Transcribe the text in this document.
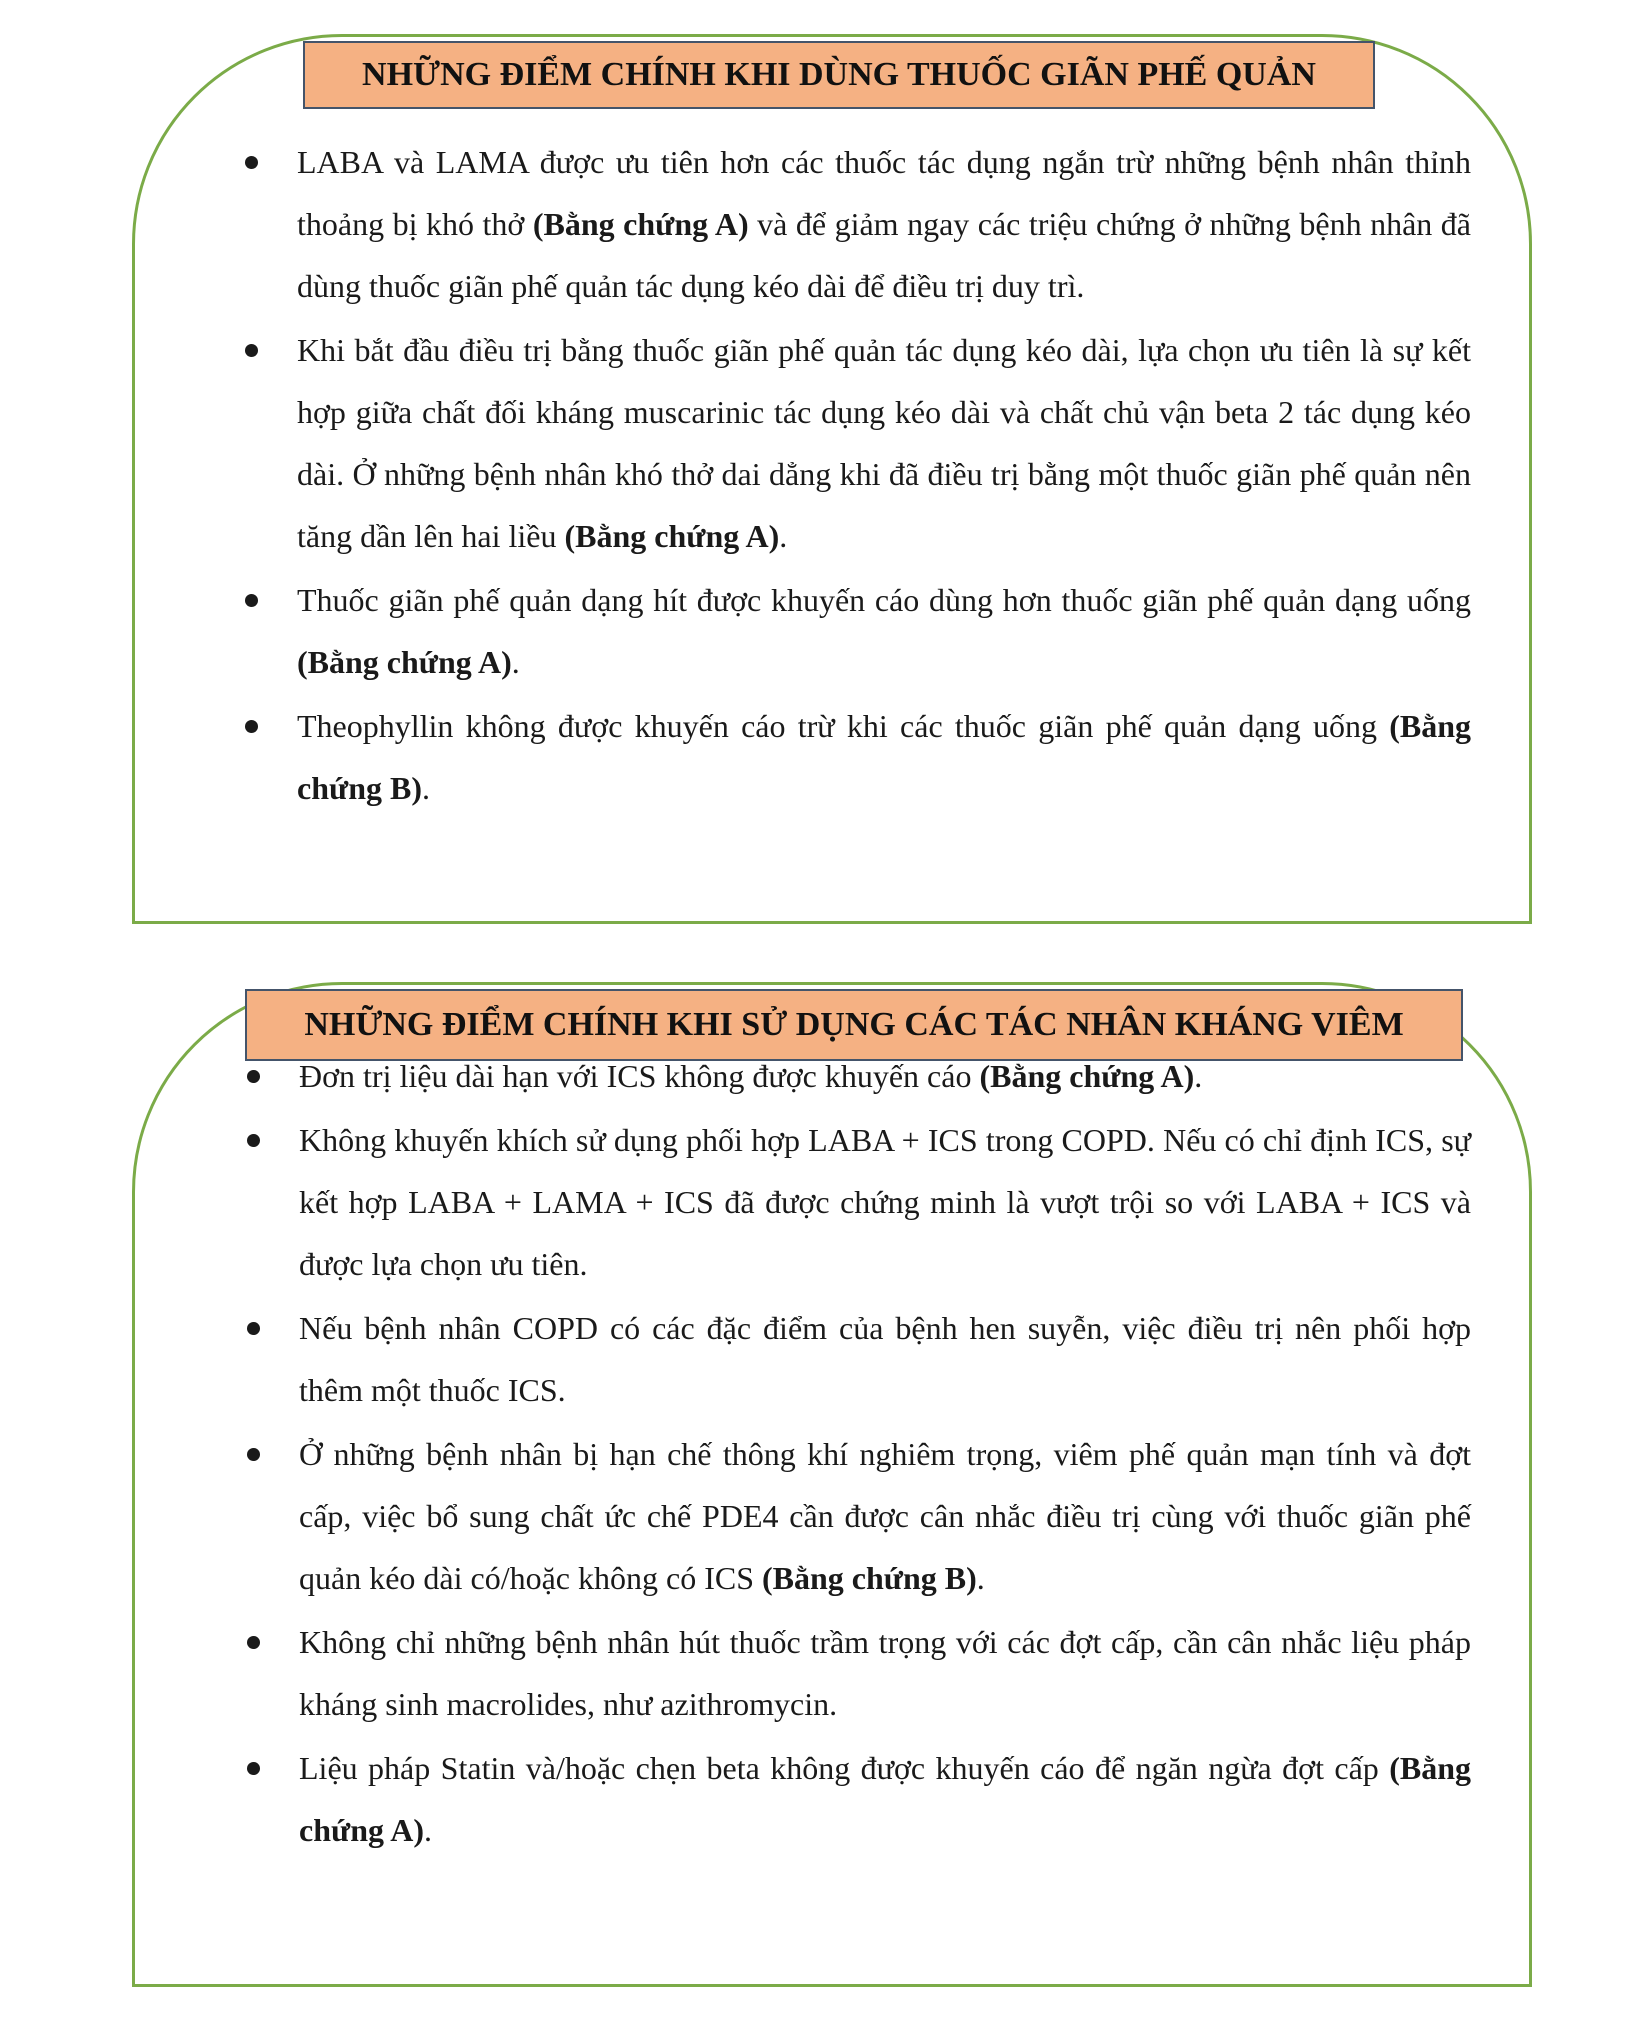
NHỮNG ĐIỂM CHÍNH KHI DÙNG THUỐC GIÃN PHẾ QUẢN
LABA và LAMA được ưu tiên hơn các thuốc tác dụng ngắn trừ những bệnh nhân thỉnh thoảng bị khó thở (Bằng chứng A) và để giảm ngay các triệu chứng ở những bệnh nhân đã dùng thuốc giãn phế quản tác dụng kéo dài để điều trị duy trì.
Khi bắt đầu điều trị bằng thuốc giãn phế quản tác dụng kéo dài, lựa chọn ưu tiên là sự kết hợp giữa chất đối kháng muscarinic tác dụng kéo dài và chất chủ vận beta 2 tác dụng kéo dài. Ở những bệnh nhân khó thở dai dẳng khi đã điều trị bằng một thuốc giãn phế quản nên tăng dần lên hai liều (Bằng chứng A).
Thuốc giãn phế quản dạng hít được khuyến cáo dùng hơn thuốc giãn phế quản dạng uống (Bằng chứng A).
Theophyllin không được khuyến cáo trừ khi các thuốc giãn phế quản dạng uống (Bằng chứng B).
NHỮNG ĐIỂM CHÍNH KHI SỬ DỤNG CÁC TÁC NHÂN KHÁNG VIÊM
Đơn trị liệu dài hạn với ICS không được khuyến cáo (Bằng chứng A).
Không khuyến khích sử dụng phối hợp LABA + ICS trong COPD. Nếu có chỉ định ICS, sự kết hợp LABA + LAMA + ICS đã được chứng minh là vượt trội so với LABA + ICS và được lựa chọn ưu tiên.
Nếu bệnh nhân COPD có các đặc điểm của bệnh hen suyễn, việc điều trị nên phối hợp thêm một thuốc ICS.
Ở những bệnh nhân bị hạn chế thông khí nghiêm trọng, viêm phế quản mạn tính và đợt cấp, việc bổ sung chất ức chế PDE4 cần được cân nhắc điều trị cùng với thuốc giãn phế quản kéo dài có/hoặc không có ICS (Bằng chứng B).
Không chỉ những bệnh nhân hút thuốc trầm trọng với các đợt cấp, cần cân nhắc liệu pháp kháng sinh macrolides, như azithromycin.
Liệu pháp Statin và/hoặc chẹn beta không được khuyến cáo để ngăn ngừa đợt cấp (Bằng chứng A).
